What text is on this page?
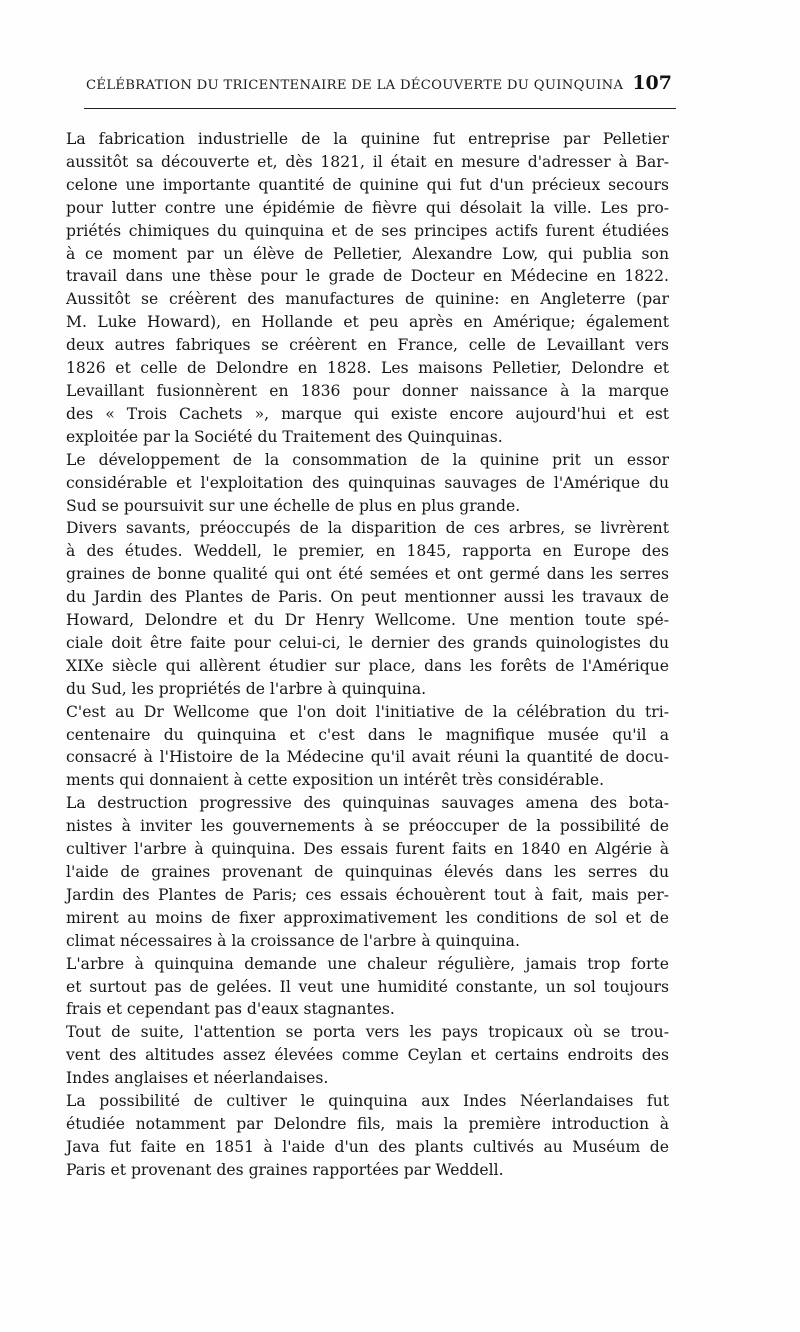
CÉLÉBRATION DU TRICENTENAIRE DE LA DÉCOUVERTE DU QUINQUINA 107

La fabrication industrielle de la quinine fut entreprise par Pelletier
aussitôt sa découverte et, dès 1821, il était en mesure d'adresser à Bar-
celone une importante quantité de quinine qui fut d'un précieux secours
pour lutter contre une épidémie de fièvre qui désolait la ville. Les pro-
priétés chimiques du quinquina et de ses principes actifs furent étudiées
à ce moment par un élève de Pelletier, Alexandre Low, qui publia son
travail dans une thèse pour le grade de Docteur en Médecine en 1822.
Aussitôt se créèrent des manufactures de quinine: en Angleterre (par
M. Luke Howard), en Hollande et peu après en Amérique; également
deux autres fabriques se créèrent en France, celle de Levaillant vers
1826 et celle de Delondre en 1828. Les maisons Pelletier, Delondre et
Levaillant fusionnèrent en 1836 pour donner naissance à la marque
des « Trois Cachets », marque qui existe encore aujourd'hui et est
exploitée par la Société du Traitement des Quinquinas.

Le développement de la consommation de la quinine prit un essor
considérable et l'exploitation des quinquinas sauvages de l'Amérique du
Sud se poursuivit sur une échelle de plus en plus grande.

Divers savants, préoccupés de la disparition de ces arbres, se livrèrent
à des études. Weddell, le premier, en 1845, rapporta en Europe des
graines de bonne qualité qui ont été semées et ont germé dans les serres
du Jardin des Plantes de Paris. On peut mentionner aussi les travaux de
Howard, Delondre et du Dr Henry Wellcome. Une mention toute spé-
ciale doit être faite pour celui-ci, le dernier des grands quinologistes du
XIXe siècle qui allèrent étudier sur place, dans les forêts de l'Amérique
du Sud, les propriétés de l'arbre à quinquina.

C'est au Dr Wellcome que l'on doit l'initiative de la célébration du tri-
centenaire du quinquina et c'est dans le magnifique musée qu'il a
consacré à l'Histoire de la Médecine qu'il avait réuni la quantité de docu-
ments qui donnaient à cette exposition un intérêt très considérable.

La destruction progressive des quinquinas sauvages amena des bota-
nistes à inviter les gouvernements à se préoccuper de la possibilité de
cultiver l'arbre à quinquina. Des essais furent faits en 1840 en Algérie à
l'aide de graines provenant de quinquinas élevés dans les serres du
Jardin des Plantes de Paris; ces essais échouèrent tout à fait, mais per-
mirent au moins de fixer approximativement les conditions de sol et de
climat nécessaires à la croissance de l'arbre à quinquina.

L'arbre à quinquina demande une chaleur régulière, jamais trop forte
et surtout pas de gelées. Il veut une humidité constante, un sol toujours
frais et cependant pas d'eaux stagnantes.

Tout de suite, l'attention se porta vers les pays tropicaux où se trou-
vent des altitudes assez élevées comme Ceylan et certains endroits des
Indes anglaises et néerlandaises.

La possibilité de cultiver le quinquina aux Indes Néerlandaises fut
étudiée notamment par Delondre fils, mais la première introduction à
Java fut faite en 1851 à l'aide d'un des plants cultivés au Muséum de
Paris et provenant des graines rapportées par Weddell.
